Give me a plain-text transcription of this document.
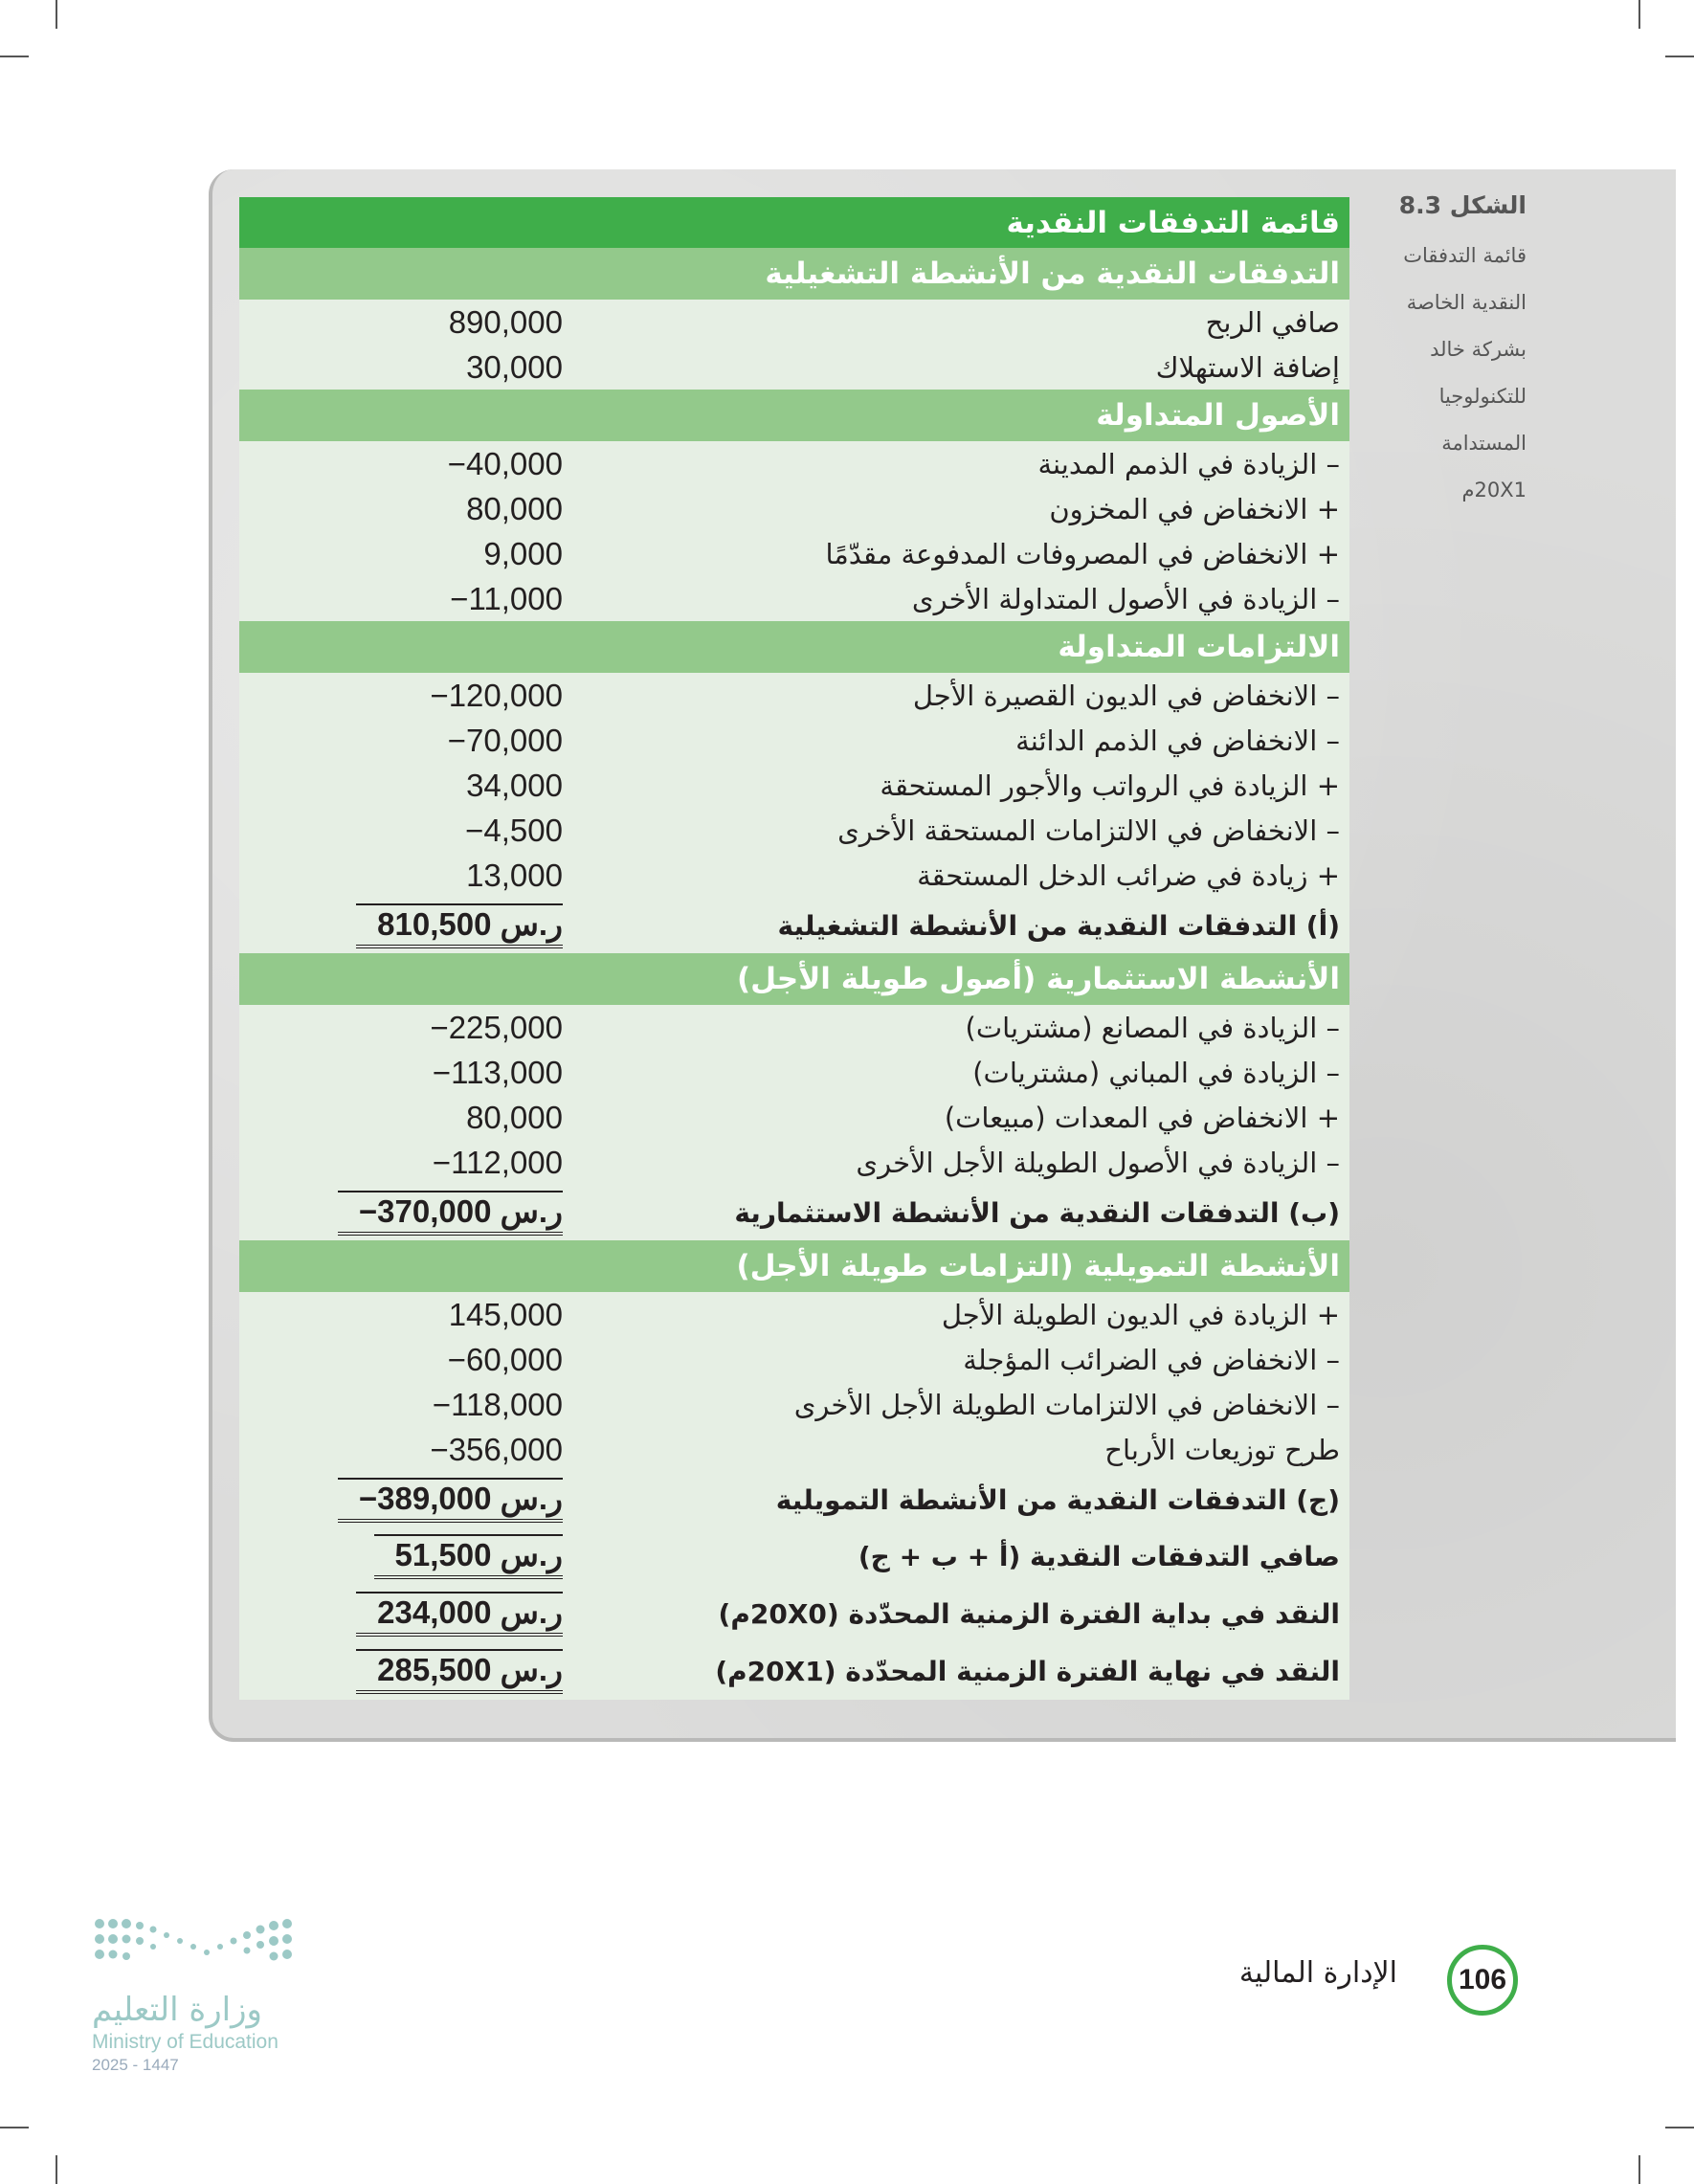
الشكل 8.3
قائمة التدفقات
النقدية الخاصة
بشركة خالد
للتكنولوجيا
المستدامة
20X1م
قائمة التدفقات النقدية
التدفقات النقدية من الأنشطة التشغيلية
صافي الربح
890,000
إضافة الاستهلاك
30,000
الأصول المتداولة
– الزيادة في الذمم المدينة
−40,000
+ الانخفاض في المخزون
80,000
+ الانخفاض في المصروفات المدفوعة مقدّمًا
9,000
– الزيادة في الأصول المتداولة الأخرى
−11,000
الالتزامات المتداولة
– الانخفاض في الديون القصيرة الأجل
−120,000
– الانخفاض في الذمم الدائنة
−70,000
+ الزيادة في الرواتب والأجور المستحقة
34,000
– الانخفاض في الالتزامات المستحقة الأخرى
−4,500
+ زيادة في ضرائب الدخل المستحقة
13,000
(أ) التدفقات النقدية من الأنشطة التشغيلية
810,500 ر.س
الأنشطة الاستثمارية (أصول طويلة الأجل)
– الزيادة في المصانع (مشتريات)
−225,000
– الزيادة في المباني (مشتريات)
−113,000
+ الانخفاض في المعدات (مبيعات)
80,000
– الزيادة في الأصول الطويلة الأجل الأخرى
−112,000
(ب) التدفقات النقدية من الأنشطة الاستثمارية
−370,000 ر.س
الأنشطة التمويلية (التزامات طويلة الأجل)
+ الزيادة في الديون الطويلة الأجل
145,000
– الانخفاض في الضرائب المؤجلة
−60,000
– الانخفاض في الالتزامات الطويلة الأجل الأخرى
−118,000
طرح توزيعات الأرباح
−356,000
(ج) التدفقات النقدية من الأنشطة التمويلية
−389,000 ر.س
صافي التدفقات النقدية (أ + ب + ج)
51,500 ر.س
النقد في بداية الفترة الزمنية المحدّدة (20X0م)
234,000 ر.س
النقد في نهاية الفترة الزمنية المحدّدة (20X1م)
285,500 ر.س
106
الإدارة المالية
وزارة التعليم
Ministry of Education
2025 - 1447
